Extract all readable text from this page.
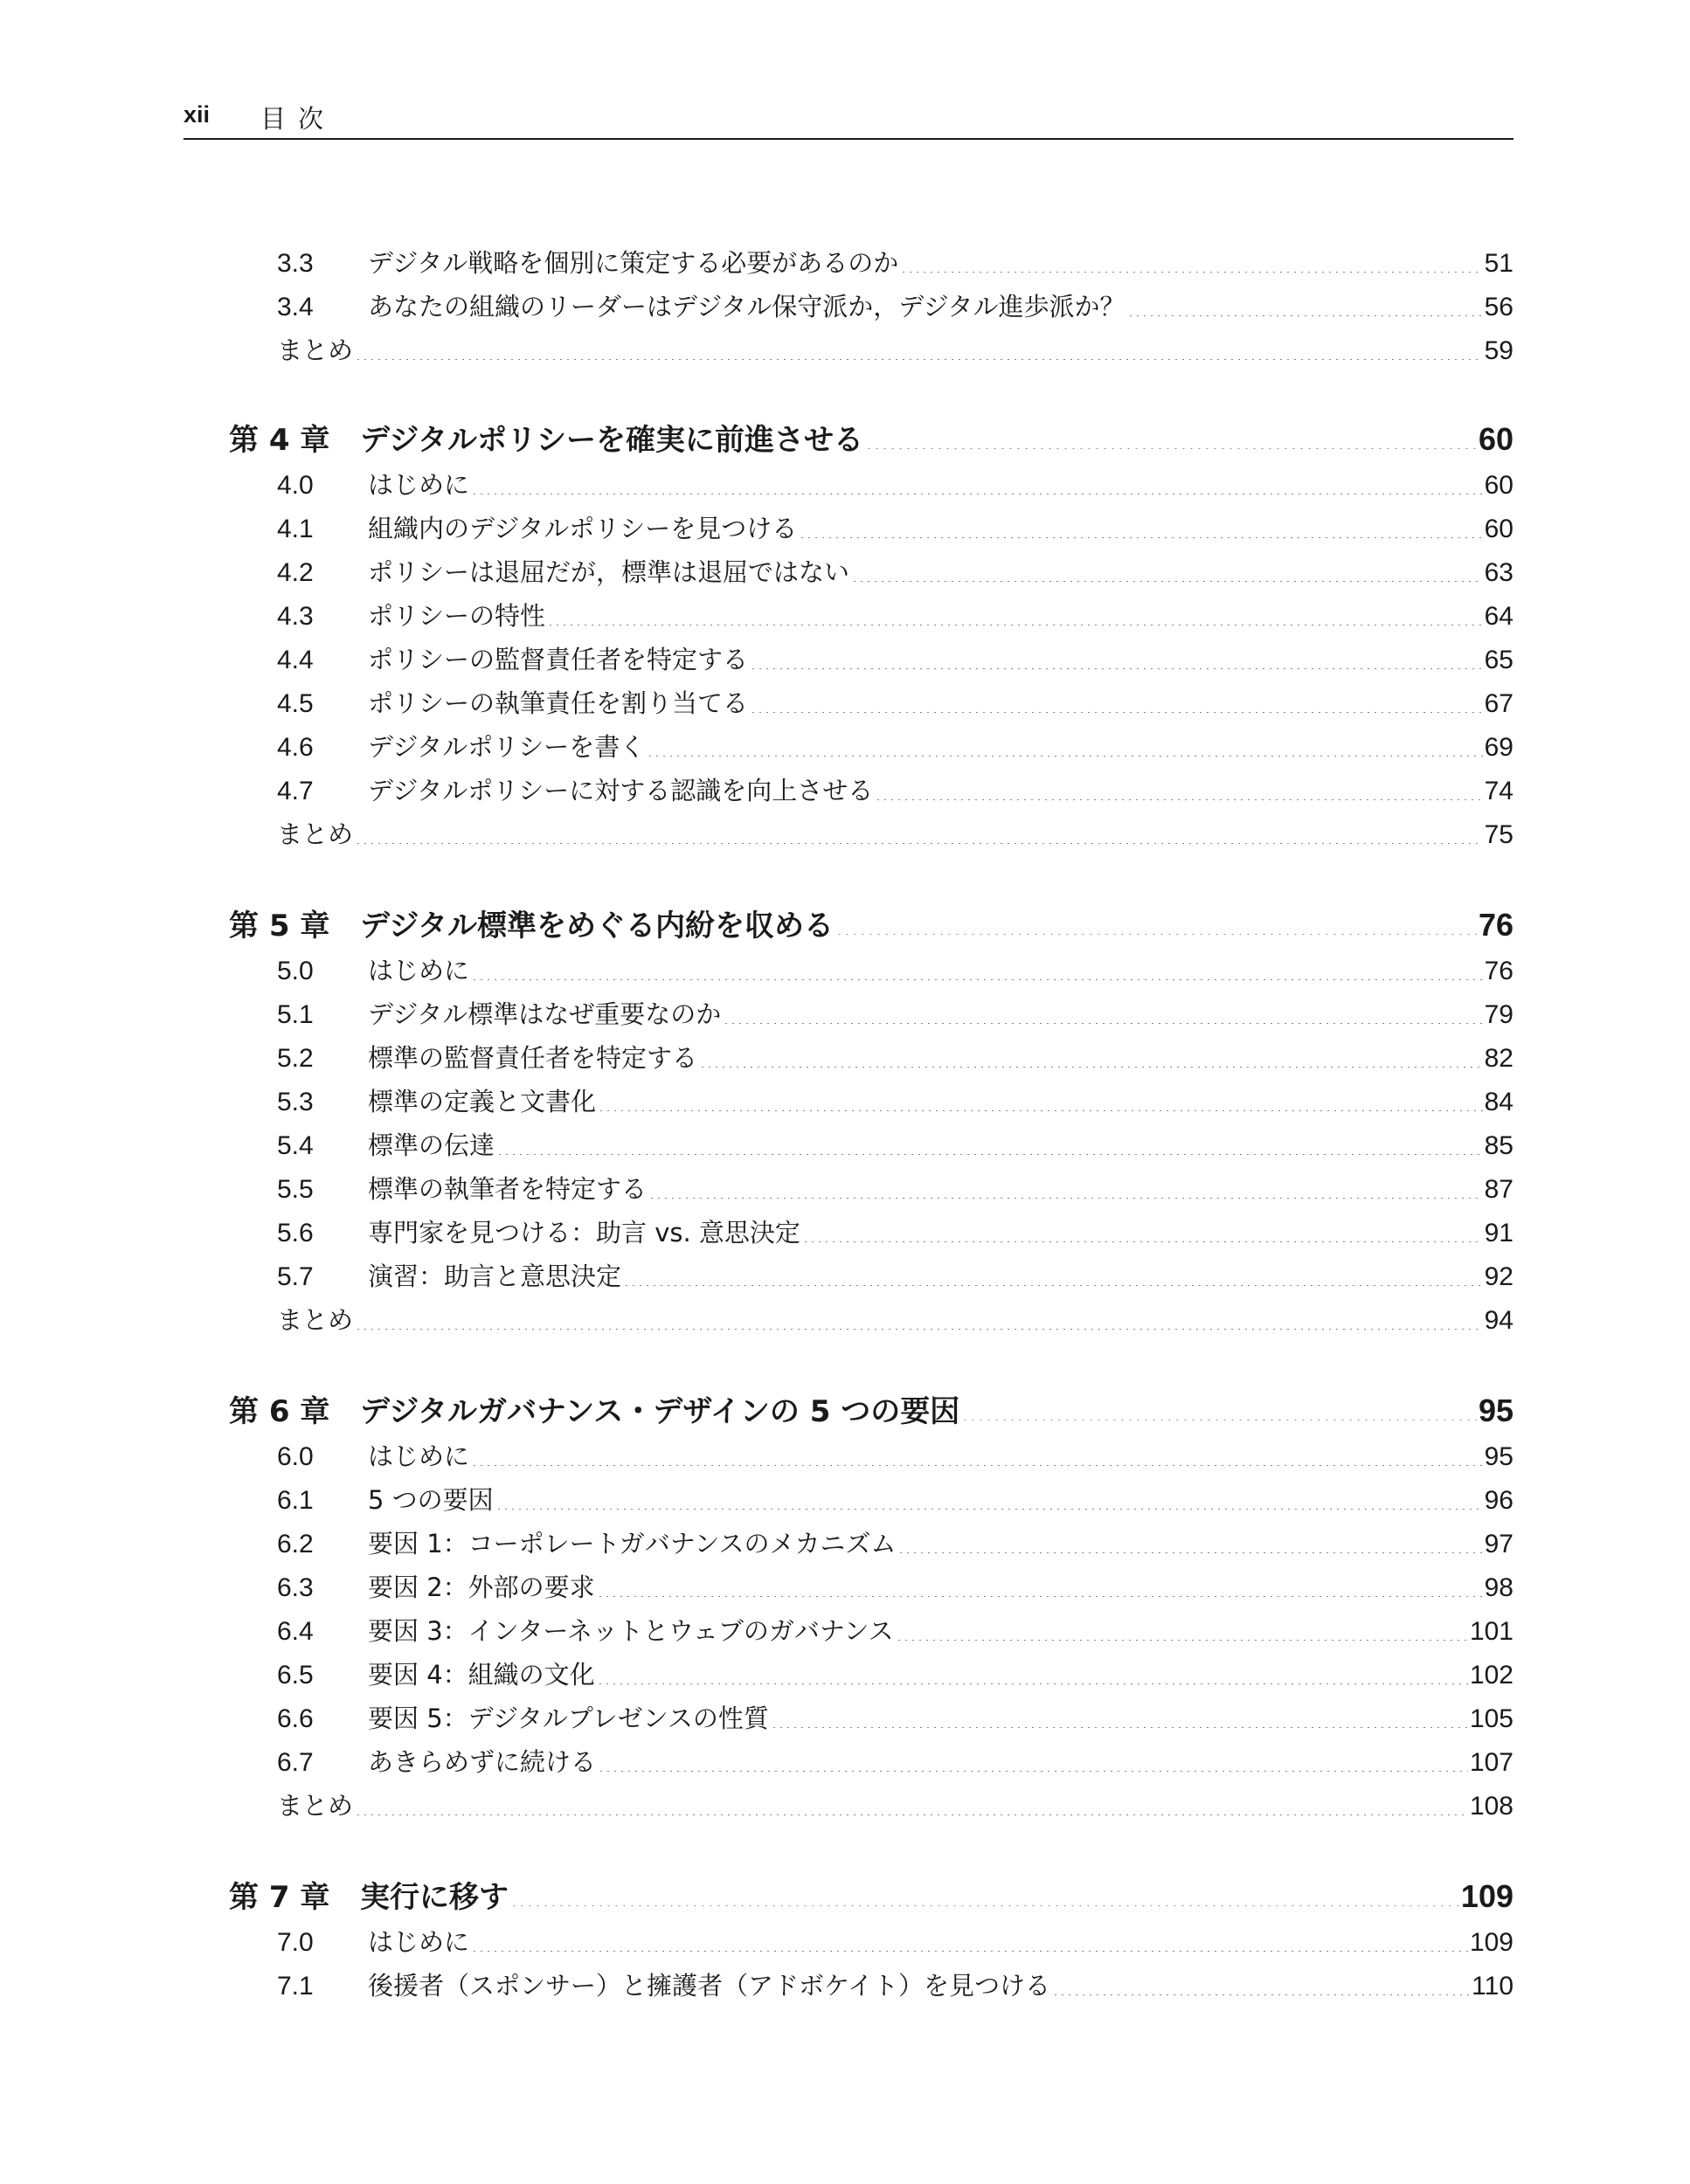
xii 目次
3.3	デジタル戦略を個別に策定する必要があるのか	51
3.4	あなたの組織のリーダーはデジタル保守派か，デジタル進歩派か？	56
まとめ	59
第 4 章	デジタルポリシーを確実に前進させる	60
4.0	はじめに	60
4.1	組織内のデジタルポリシーを見つける	60
4.2	ポリシーは退屈だが，標準は退屈ではない	63
4.3	ポリシーの特性	64
4.4	ポリシーの監督責任者を特定する	65
4.5	ポリシーの執筆責任を割り当てる	67
4.6	デジタルポリシーを書く	69
4.7	デジタルポリシーに対する認識を向上させる	74
まとめ	75
第 5 章	デジタル標準をめぐる内紛を収める	76
5.0	はじめに	76
5.1	デジタル標準はなぜ重要なのか	79
5.2	標準の監督責任者を特定する	82
5.3	標準の定義と文書化	84
5.4	標準の伝達	85
5.5	標準の執筆者を特定する	87
5.6	専門家を見つける：助言 vs. 意思決定	91
5.7	演習：助言と意思決定	92
まとめ	94
第 6 章	デジタルガバナンス・デザインの 5 つの要因	95
6.0	はじめに	95
6.1	5 つの要因	96
6.2	要因 1：コーポレートガバナンスのメカニズム	97
6.3	要因 2：外部の要求	98
6.4	要因 3：インターネットとウェブのガバナンス	101
6.5	要因 4：組織の文化	102
6.6	要因 5：デジタルプレゼンスの性質	105
6.7	あきらめずに続ける	107
まとめ	108
第 7 章	実行に移す	109
7.0	はじめに	109
7.1	後援者（スポンサー）と擁護者（アドボケイト）を見つける	110
